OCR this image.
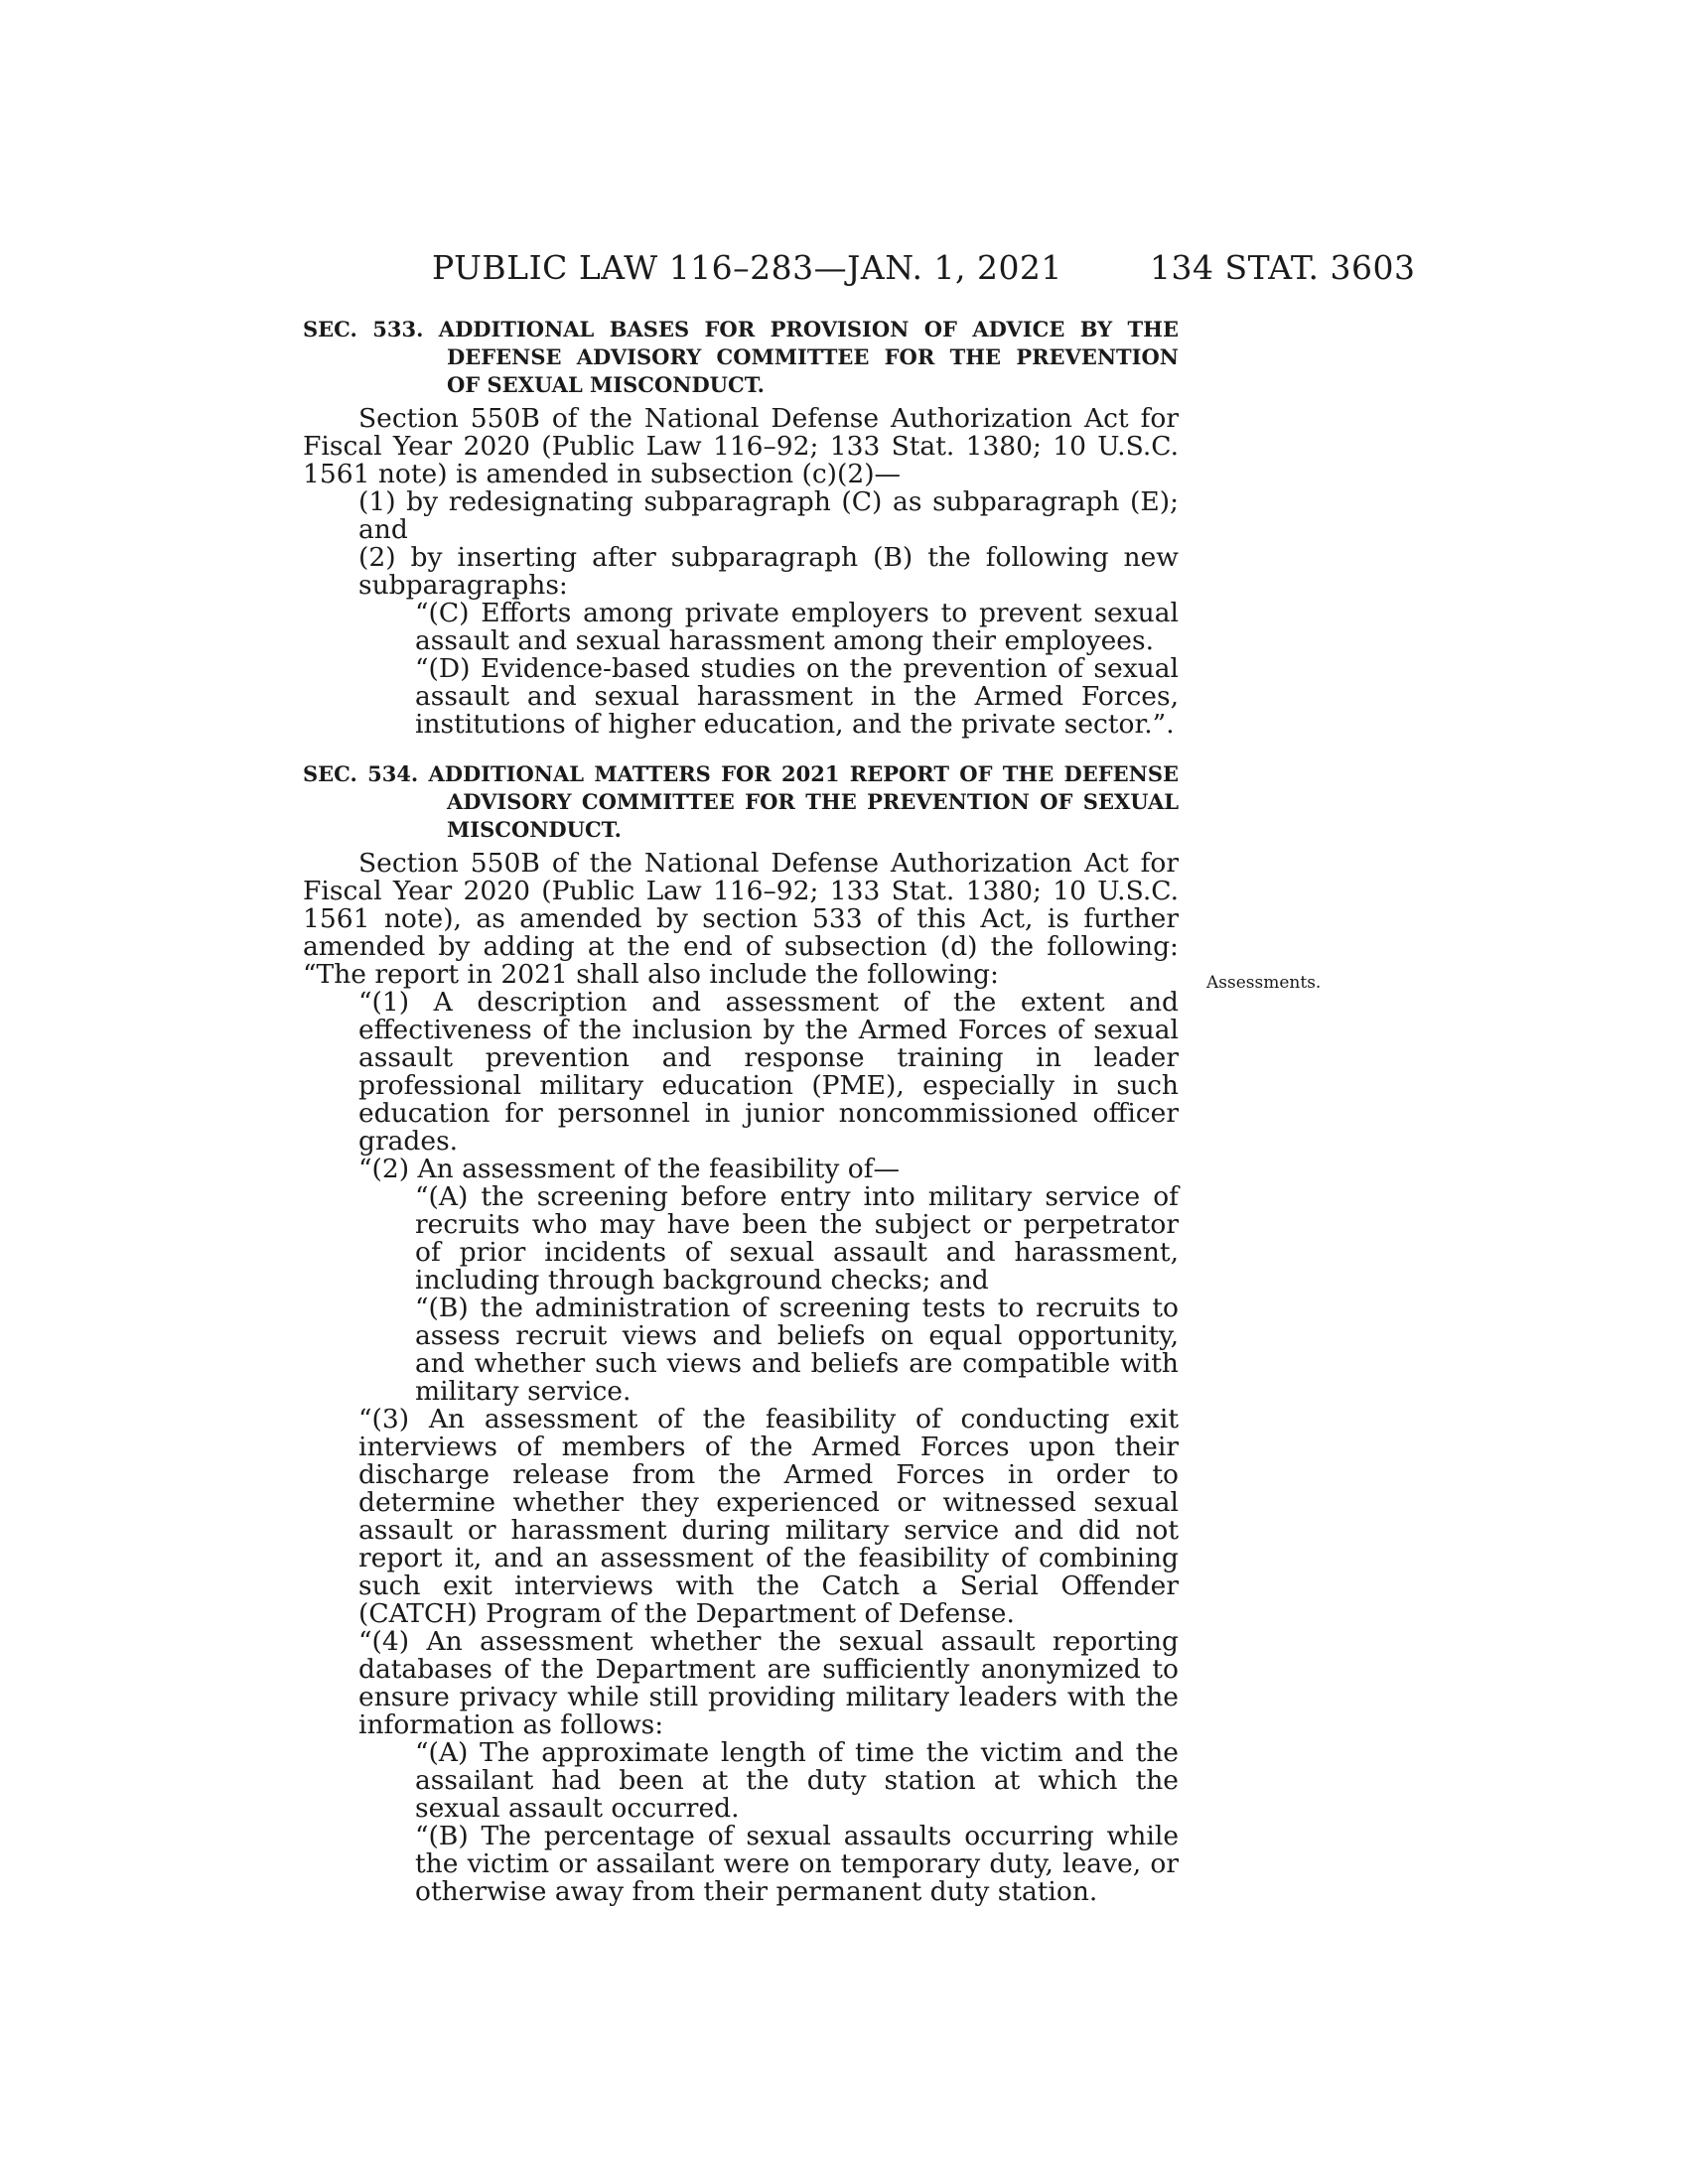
PUBLIC LAW 116–283—JAN. 1, 2021	134 STAT. 3603

SEC. 533. ADDITIONAL BASES FOR PROVISION OF ADVICE BY THE DEFENSE ADVISORY COMMITTEE FOR THE PREVENTION OF SEXUAL MISCONDUCT.

Section 550B of the National Defense Authorization Act for Fiscal Year 2020 (Public Law 116–92; 133 Stat. 1380; 10 U.S.C. 1561 note) is amended in subsection (c)(2)—

(1) by redesignating subparagraph (C) as subparagraph (E); and

(2) by inserting after subparagraph (B) the following new subparagraphs:

“(C) Efforts among private employers to prevent sexual assault and sexual harassment among their employees.

“(D) Evidence-based studies on the prevention of sexual assault and sexual harassment in the Armed Forces, institutions of higher education, and the private sector.”.

SEC. 534. ADDITIONAL MATTERS FOR 2021 REPORT OF THE DEFENSE ADVISORY COMMITTEE FOR THE PREVENTION OF SEXUAL MISCONDUCT.

Section 550B of the National Defense Authorization Act for Fiscal Year 2020 (Public Law 116–92; 133 Stat. 1380; 10 U.S.C. 1561 note), as amended by section 533 of this Act, is further amended by adding at the end of subsection (d) the following: “The report in 2021 shall also include the following:

“(1) A description and assessment of the extent and effectiveness of the inclusion by the Armed Forces of sexual assault prevention and response training in leader professional military education (PME), especially in such education for personnel in junior noncommissioned officer grades.

“(2) An assessment of the feasibility of—

“(A) the screening before entry into military service of recruits who may have been the subject or perpetrator of prior incidents of sexual assault and harassment, including through background checks; and

“(B) the administration of screening tests to recruits to assess recruit views and beliefs on equal opportunity, and whether such views and beliefs are compatible with military service.

“(3) An assessment of the feasibility of conducting exit interviews of members of the Armed Forces upon their discharge release from the Armed Forces in order to determine whether they experienced or witnessed sexual assault or harassment during military service and did not report it, and an assessment of the feasibility of combining such exit interviews with the Catch a Serial Offender (CATCH) Program of the Department of Defense.

“(4) An assessment whether the sexual assault reporting databases of the Department are sufficiently anonymized to ensure privacy while still providing military leaders with the information as follows:

“(A) The approximate length of time the victim and the assailant had been at the duty station at which the sexual assault occurred.

“(B) The percentage of sexual assaults occurring while the victim or assailant were on temporary duty, leave, or otherwise away from their permanent duty station.

Assessments.
